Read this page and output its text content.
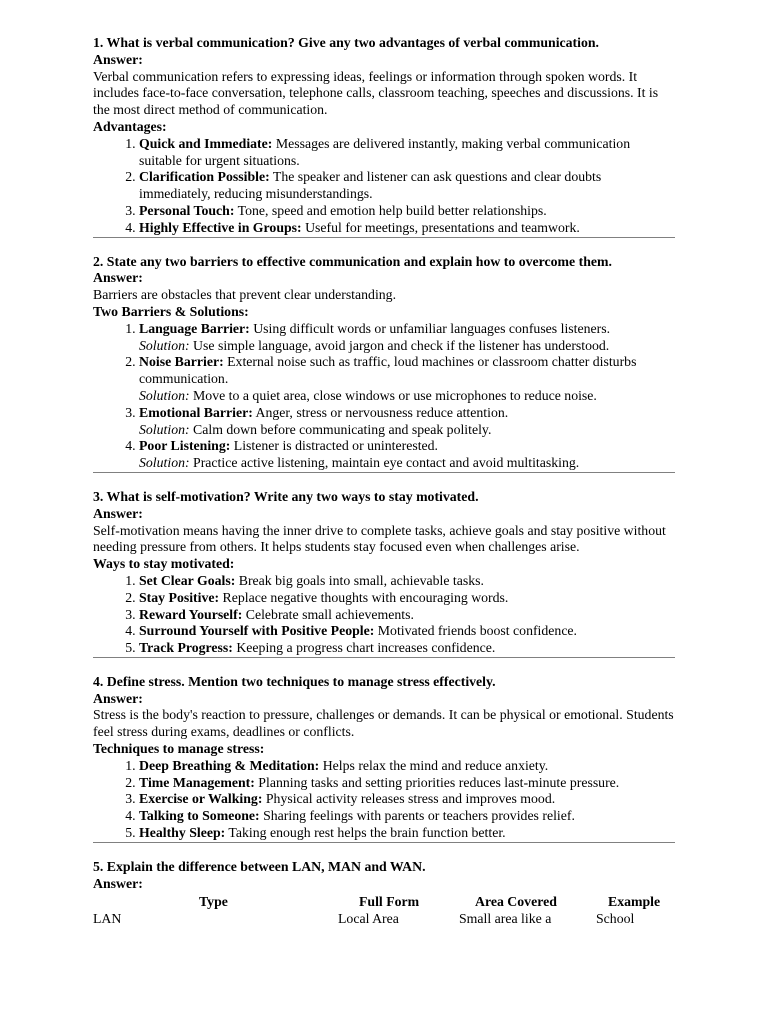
1. What is verbal communication? Give any two advantages of verbal communication.
Answer:
Verbal communication refers to expressing ideas, feelings or information through spoken words. It includes face-to-face conversation, telephone calls, classroom teaching, speeches and discussions. It is the most direct method of communication.
Advantages:
1. Quick and Immediate: Messages are delivered instantly, making verbal communication suitable for urgent situations.
2. Clarification Possible: The speaker and listener can ask questions and clear doubts immediately, reducing misunderstandings.
3. Personal Touch: Tone, speed and emotion help build better relationships.
4. Highly Effective in Groups: Useful for meetings, presentations and teamwork.
2. State any two barriers to effective communication and explain how to overcome them.
Answer:
Barriers are obstacles that prevent clear understanding.
Two Barriers & Solutions:
1. Language Barrier: Using difficult words or unfamiliar languages confuses listeners.
Solution: Use simple language, avoid jargon and check if the listener has understood.
2. Noise Barrier: External noise such as traffic, loud machines or classroom chatter disturbs communication.
Solution: Move to a quiet area, close windows or use microphones to reduce noise.
3. Emotional Barrier: Anger, stress or nervousness reduce attention.
Solution: Calm down before communicating and speak politely.
4. Poor Listening: Listener is distracted or uninterested.
Solution: Practice active listening, maintain eye contact and avoid multitasking.
3. What is self-motivation? Write any two ways to stay motivated.
Answer:
Self-motivation means having the inner drive to complete tasks, achieve goals and stay positive without needing pressure from others. It helps students stay focused even when challenges arise.
Ways to stay motivated:
1. Set Clear Goals: Break big goals into small, achievable tasks.
2. Stay Positive: Replace negative thoughts with encouraging words.
3. Reward Yourself: Celebrate small achievements.
4. Surround Yourself with Positive People: Motivated friends boost confidence.
5. Track Progress: Keeping a progress chart increases confidence.
4. Define stress. Mention two techniques to manage stress effectively.
Answer:
Stress is the body's reaction to pressure, challenges or demands. It can be physical or emotional. Students feel stress during exams, deadlines or conflicts.
Techniques to manage stress:
1. Deep Breathing & Meditation: Helps relax the mind and reduce anxiety.
2. Time Management: Planning tasks and setting priorities reduces last-minute pressure.
3. Exercise or Walking: Physical activity releases stress and improves mood.
4. Talking to Someone: Sharing feelings with parents or teachers provides relief.
5. Healthy Sleep: Taking enough rest helps the brain function better.
5. Explain the difference between LAN, MAN and WAN.
Answer:
Type	Full Form	Area Covered	Example
LAN	Local Area	Small area like a	School
